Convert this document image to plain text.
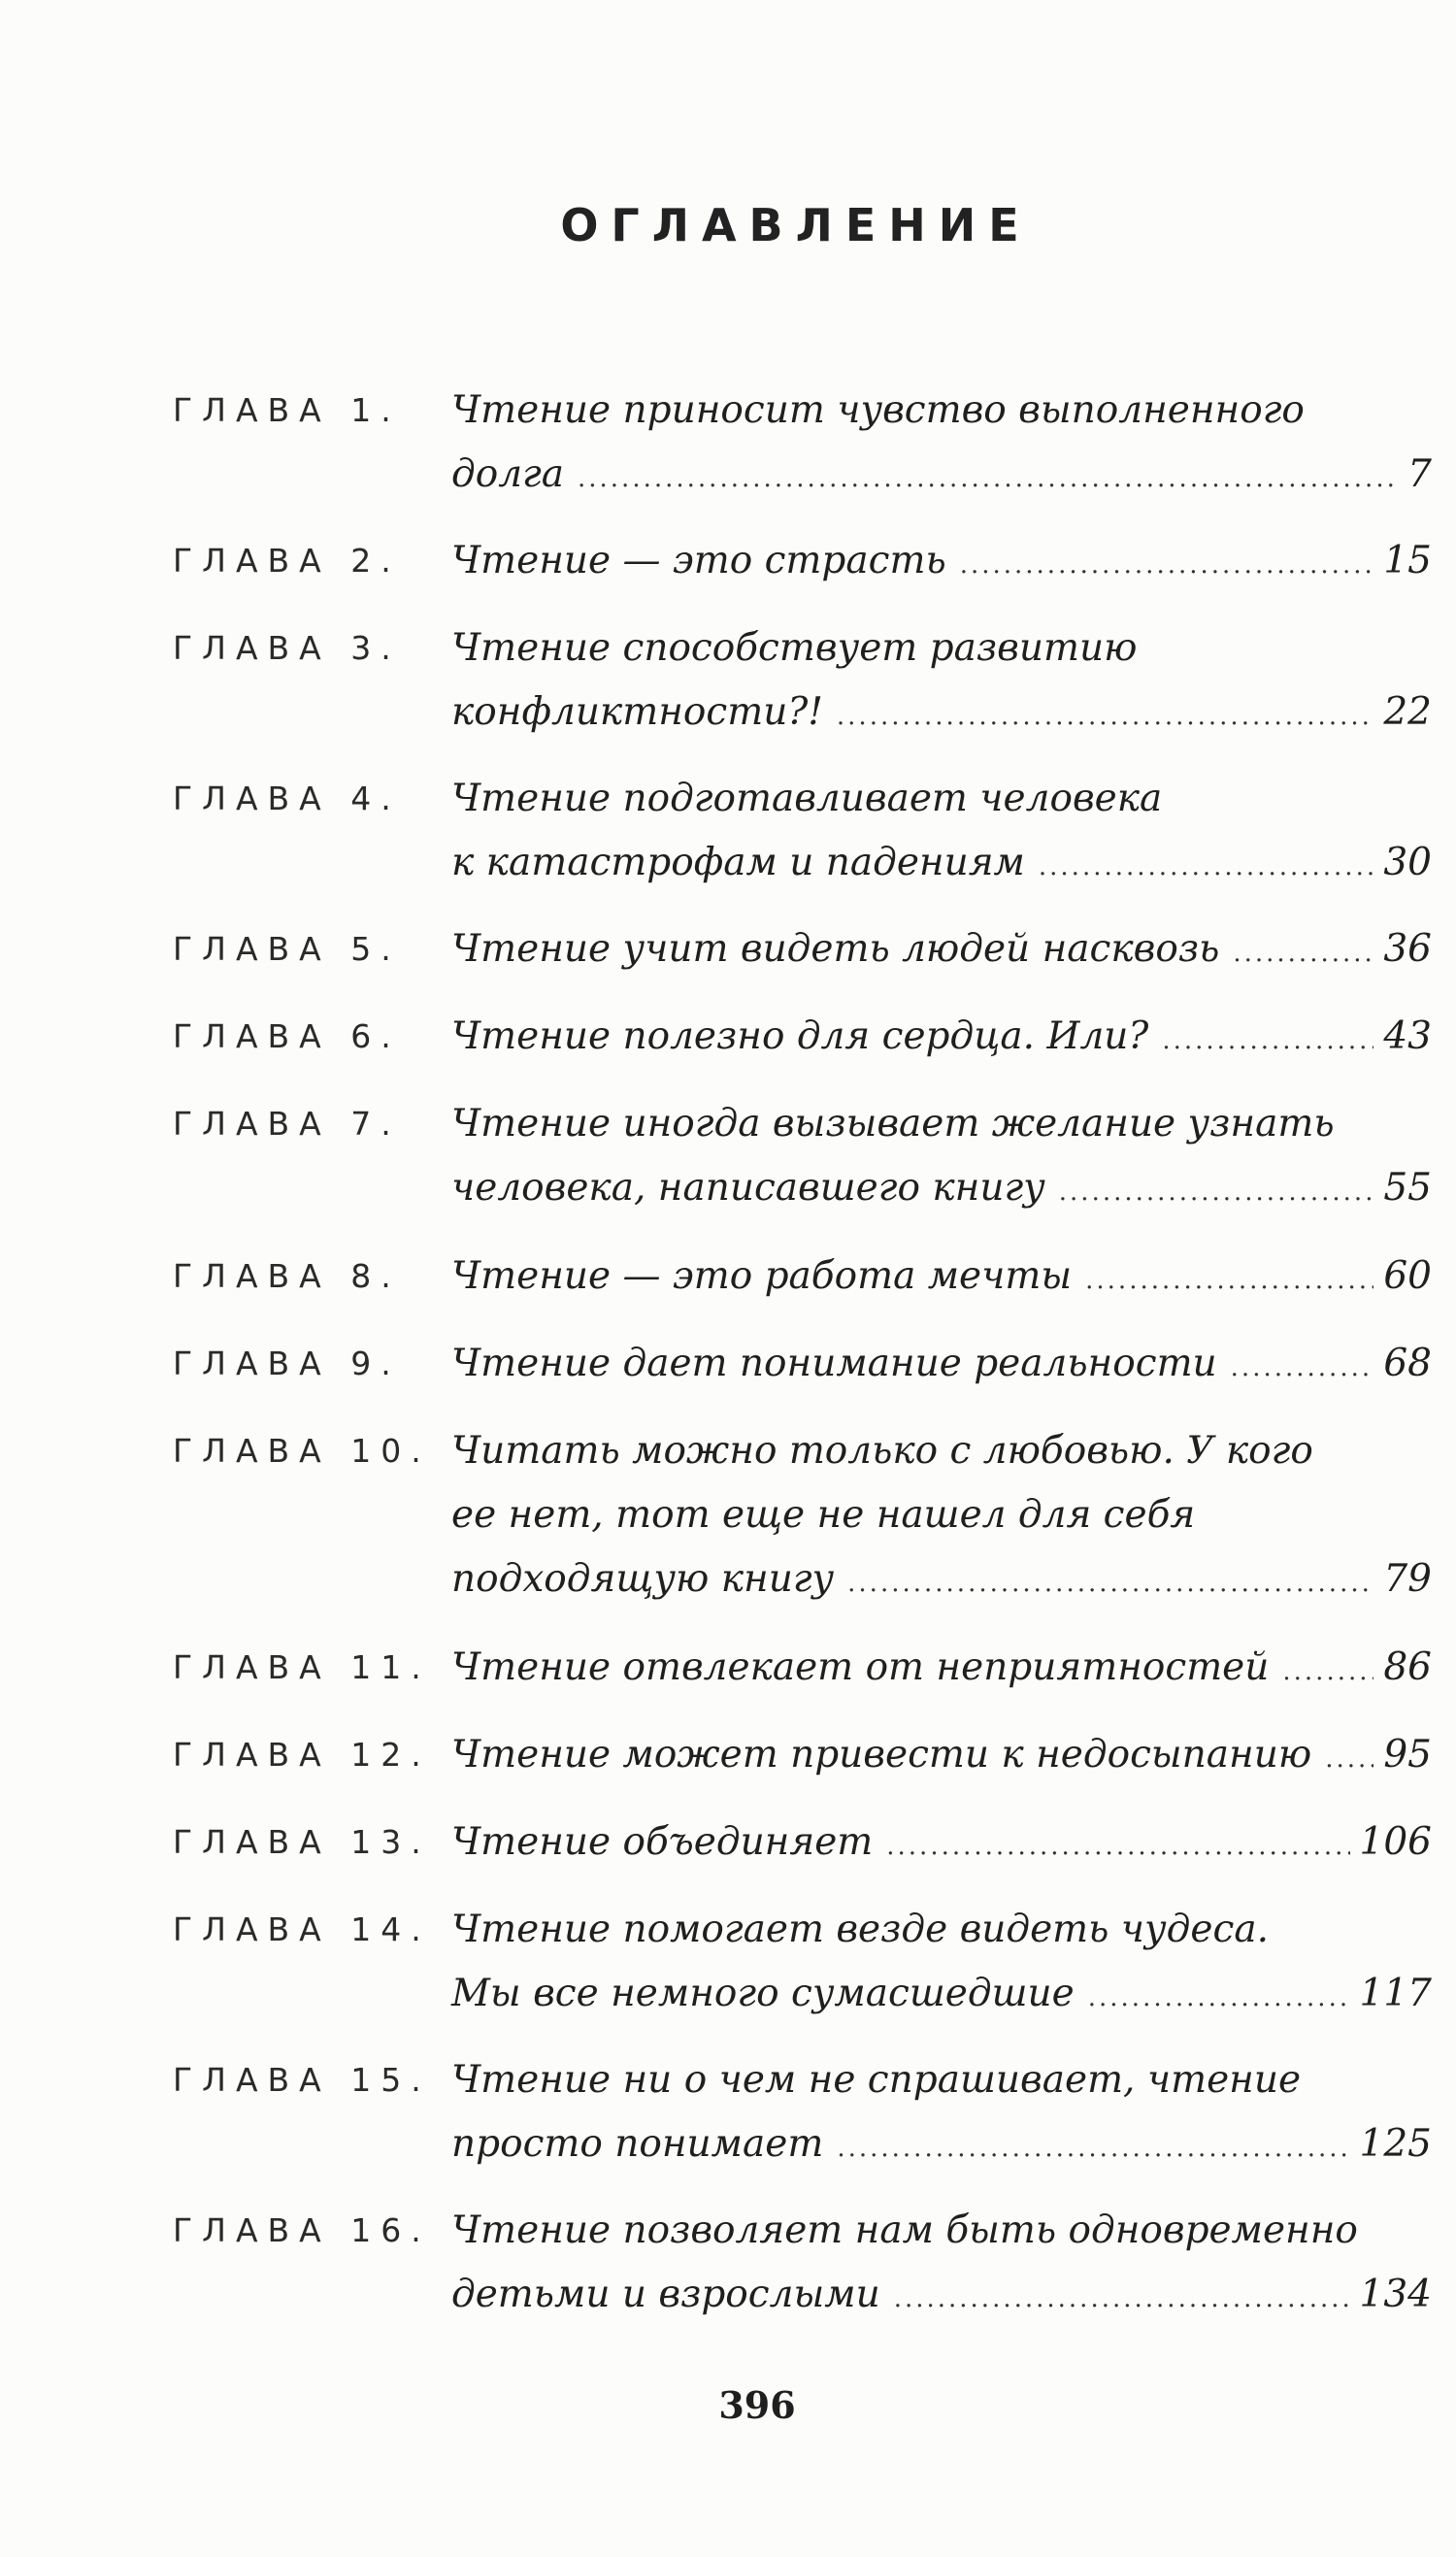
ОГЛАВЛЕНИЕ
ГЛАВА 1. Чтение приносит чувство выполненного
долга .....	7
ГЛАВА 2. Чтение — это страсть .....	15
ГЛАВА 3. Чтение способствует развитию
конфликтности?! .....	22
ГЛАВА 4. Чтение подготавливает человека
к катастрофам и падениям .....	30
ГЛАВА 5. Чтение учит видеть людей насквозь .....	36
ГЛАВА 6. Чтение полезно для сердца. Или? .....	43
ГЛАВА 7. Чтение иногда вызывает желание узнать
человека, написавшего книгу .....	55
ГЛАВА 8. Чтение — это работа мечты .....	60
ГЛАВА 9. Чтение дает понимание реальности .....	68
ГЛАВА 10. Читать можно только с любовью. У кого
ее нет, тот еще не нашел для себя
подходящую книгу .....	79
ГЛАВА 11. Чтение отвлекает от неприятностей .....	86
ГЛАВА 12. Чтение может привести к недосыпанию ..... 95
ГЛАВА 13. Чтение объединяет .....	106
ГЛАВА 14. Чтение помогает везде видеть чудеса.
Мы все немного сумасшедшие .....	117
ГЛАВА 15. Чтение ни о чем не спрашивает, чтение
просто понимает .....	125
ГЛАВА 16. Чтение позволяет нам быть одновременно
детьми и взрослыми .....	134
396
